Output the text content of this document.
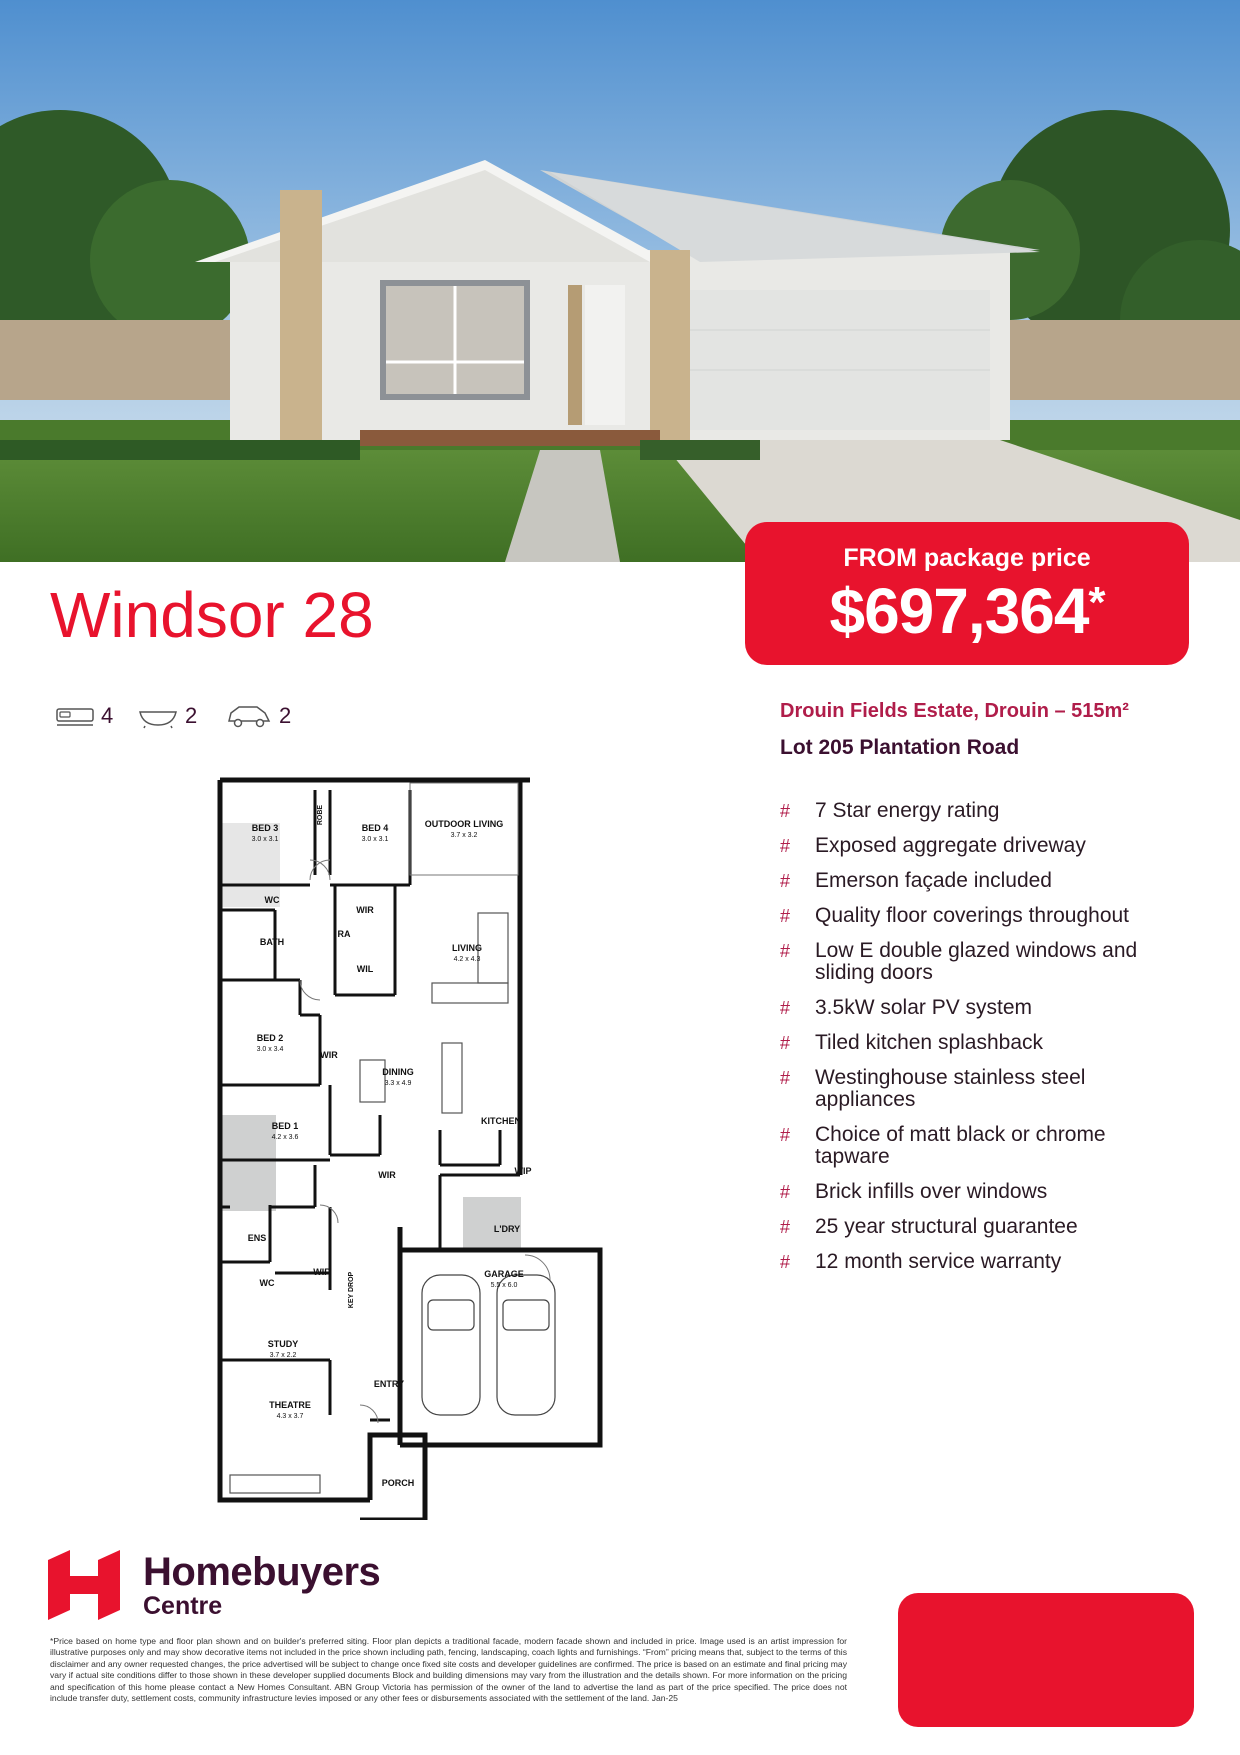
FROM package price
$697,364*
Windsor 28
4	2	2	Drouin Fields Estate, Drouin – 515m²
Lot 205 Plantation Road
#	7 Star energy rating
#	Exposed aggregate driveway
#	Emerson façade included
#	Quality floor coverings throughout
#	Low E double glazed windows and sliding doors
#	3.5kW solar PV system
#	Tiled kitchen splashback
#	Westinghouse stainless steel appliances
#	Choice of matt black or chrome tapware
#	Brick infills over windows
#	25 year structural guarantee
#	12 month service warranty
BED 3
ROBE
BED 4	OUTDOOR LIVING
WC
WIR
RA
BATH
WIL
LIVING
BED 2
WIR
DINING
KITCHEN
BED 1
WIR	WIP
ENS
L'DRY
WIR
WC	KEY DROP	GARAGE
STUDY
ENTRY
THEATRE
PORCH
3.0 x 3.1	3.0 x 3.1
3.7 x 3.2
4.2 x 4.3
3.0 x 3.4
3.3 x 4.9
4.2 x 3.6
5.5 x 6.0
3.7 x 2.2
4.3 x 3.7
Homebuyers
Centre

*Price based on home type and floor plan shown and on builder's preferred siting. Floor plan depicts a traditional facade, modern facade shown and included in price. Image used is an artist impression for illustrative purposes only and may show decorative items not included in the price shown including path, fencing, landscaping, coach lights and furnishings. “From” pricing means that, subject to the terms of this disclaimer and any owner requested changes, the price advertised will be subject to change once fixed site costs and developer guidelines are confirmed. The price is based on an estimate and final pricing may vary if actual site conditions differ to those shown in these developer supplied documents Block and building dimensions may vary from the illustration and the details shown. For more information on the pricing and specification of this home please contact a New Homes Consultant. ABN Group Victoria has permission of the owner of the land to advertise the land as part of the price specified. The price does not include transfer duty, settlement costs, community infrastructure levies imposed or any other fees or disbursements associated with the settlement of the land. Jan-25
